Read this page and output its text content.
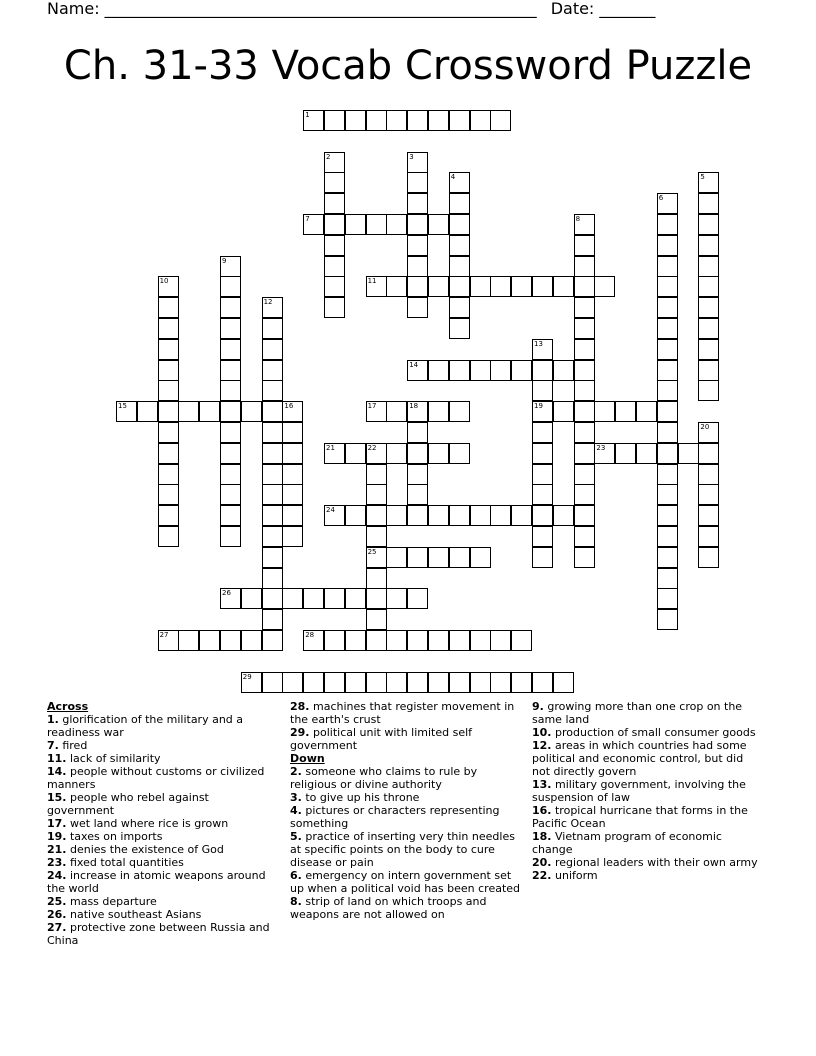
Name: ______________________________________________________ Date: _______
Ch. 31-33 Vocab Crossword Puzzle
1
2	3
4	5
6
7	8
9
10	11
12
13
14
15	16	17	18	19
20
21	22	23
24
25
26
27	28
29
Across
1. glorification of the military and a readiness war
7. fired
11. lack of similarity
14. people without customs or civilized manners
15. people who rebel against government
17. wet land where rice is grown
19. taxes on imports
21. denies the existence of God
23. fixed total quantities
24. increase in atomic weapons around the world
25. mass departure
26. native southeast Asians
27. protective zone between Russia and China
28. machines that register movement in the earth's crust
29. political unit with limited self government
Down
2. someone who claims to rule by religious or divine authority
3. to give up his throne
4. pictures or characters representing something
5. practice of inserting very thin needles at specific points on the body to cure disease or pain
6. emergency on intern government set up when a political void has been created
8. strip of land on which troops and weapons are not allowed on
9. growing more than one crop on the same land
10. production of small consumer goods
12. areas in which countries had some political and economic control, but did not directly govern
13. military government, involving the suspension of law
16. tropical hurricane that forms in the Pacific Ocean
18. Vietnam program of economic change
20. regional leaders with their own army
22. uniform
